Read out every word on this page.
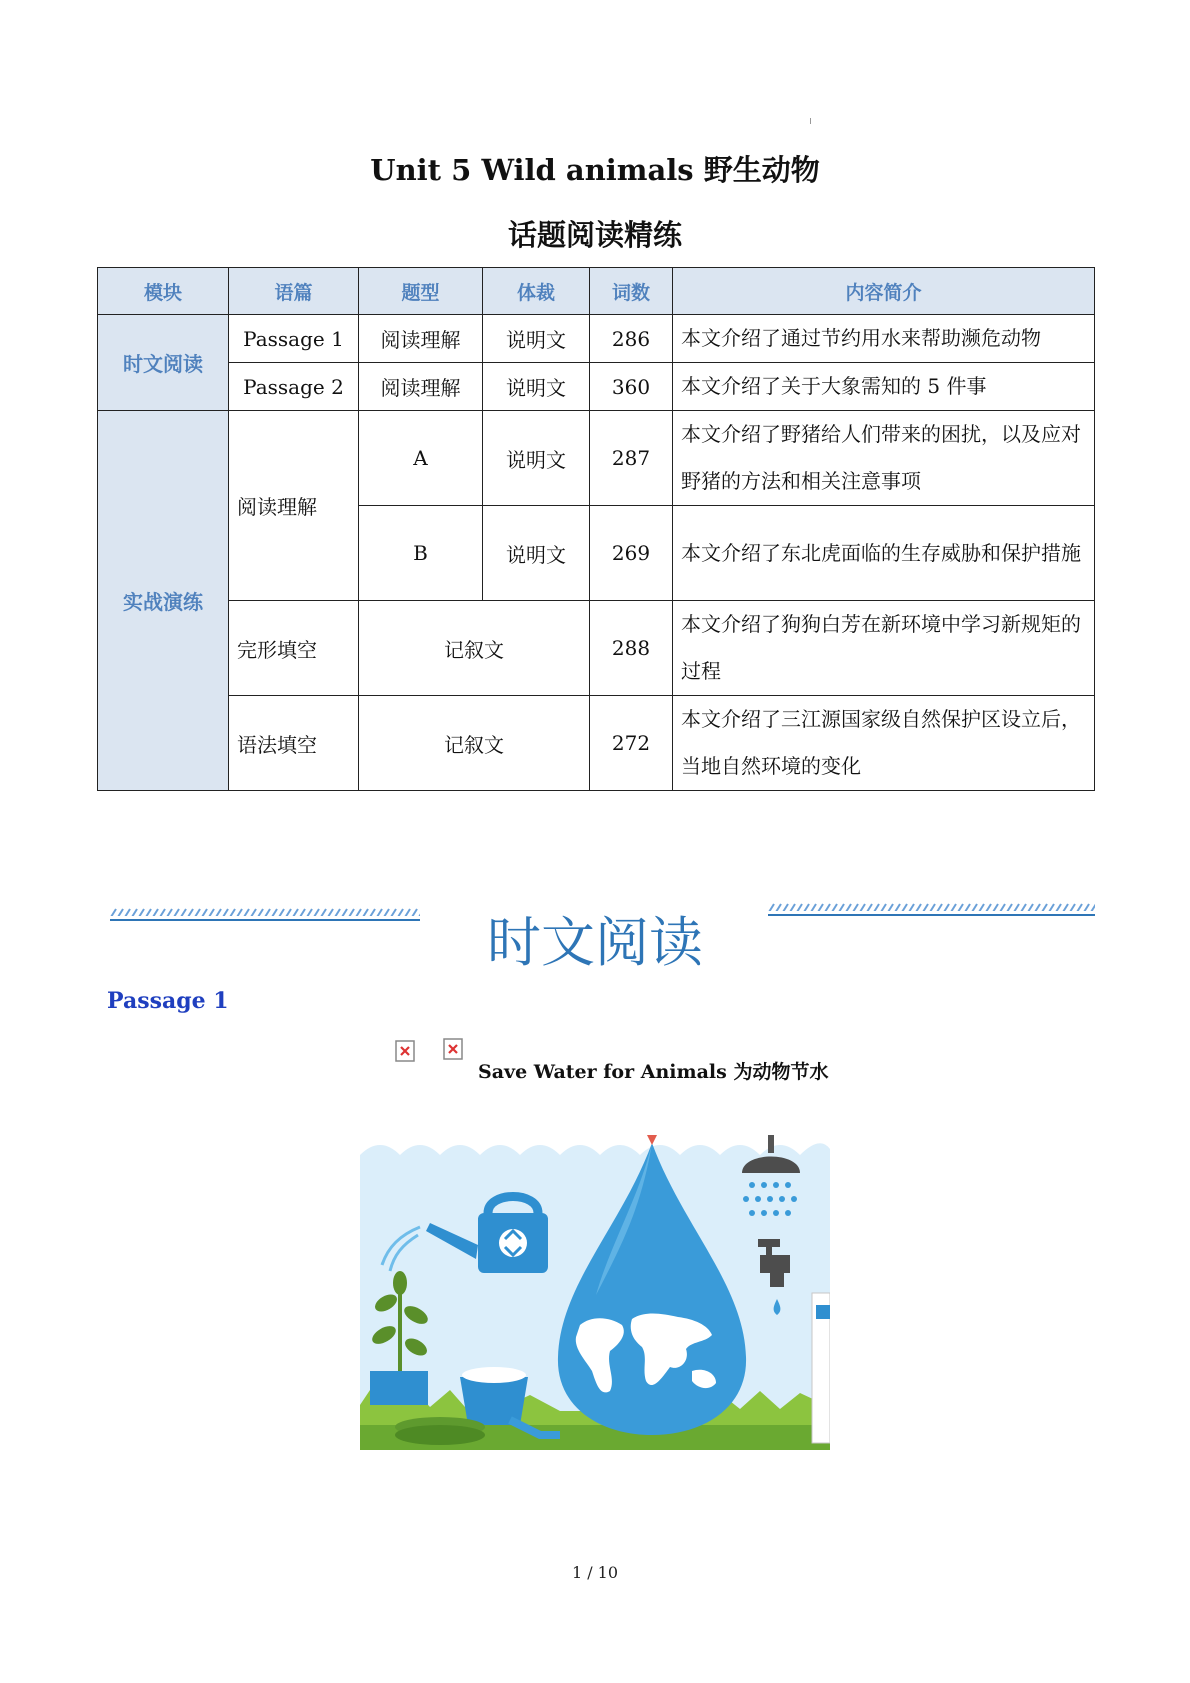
Unit 5 Wild animals 野生动物
话题阅读精练
模块	语篇	题型	体裁	词数	内容简介
时文阅读	Passage 1	阅读理解	说明文	286	本文介绍了通过节约用水来帮助濒危动物
	Passage 2	阅读理解	说明文	360	本文介绍了关于大象需知的 5 件事
实战演练	阅读理解	A	说明文	287	本文介绍了野猪给人们带来的困扰，以及应对野猪的方法和相关注意事项
		B	说明文	269	本文介绍了东北虎面临的生存威胁和保护措施
	完形填空	记叙文		288	本文介绍了狗狗白芳在新环境中学习新规矩的过程
	语法填空	记叙文		272	本文介绍了三江源国家级自然保护区设立后，当地自然环境的变化
时文阅读
Passage 1
Save Water for Animals 为动物节水
1 / 10
